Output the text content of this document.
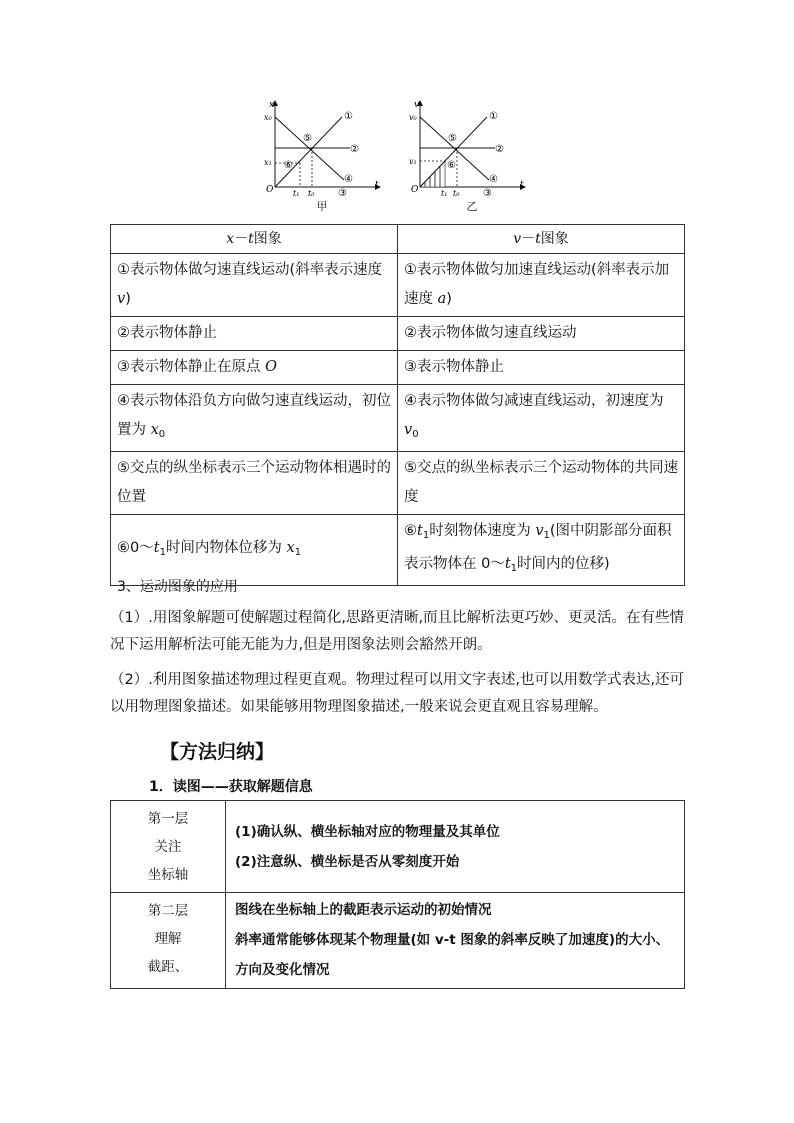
x
t
O
x₀
x₁
t₁ t₀
①
②
③
④
⑤
⑥
甲
v
t
O
v₀
v₁
t₁ t₀
①
②
③
④
⑤
⑥
乙
x－t图象	v－t图象
①表示物体做匀速直线运动(斜率表示速度 v)	①表示物体做匀加速直线运动(斜率表示加速度 a)
②表示物体静止	②表示物体做匀速直线运动
③表示物体静止在原点 O	③表示物体静止
④表示物体沿负方向做匀速直线运动，初位置为 $x_0$	④表示物体做匀减速直线运动，初速度为 $v_0$
⑤交点的纵坐标表示三个运动物体相遇时的位置	⑤交点的纵坐标表示三个运动物体的共同速度
$⑥0\sim t_1$时间内物体位移为 $x_1$	$⑥t_1$时刻物体速度为 $v_1$(图中阴影部分面积表示物体在 $0\sim t_1$时间内的位移)
3、运动图象的应用
（1）.用图象解题可使解题过程简化,思路更清晰,而且比解析法更巧妙、更灵活。在有些情况下运用解析法可能无能为力,但是用图象法则会豁然开朗。
（2）.利用图象描述物理过程更直观。物理过程可以用文字表述,也可以用数学式表达,还可以用物理图象描述。如果能够用物理图象描述,一般来说会更直观且容易理解。
【方法归纳】
1．读图——获取解题信息
第一层
关注
坐标轴	(1)确认纵、横坐标轴对应的物理量及其单位
(2)注意纵、横坐标是否从零刻度开始

第二层
理解
截距、	图线在坐标轴上的截距表示运动的初始情况
斜率通常能够体现某个物理量(如 v-t 图象的斜率反映了加速度)的大小、
方向及变化情况
